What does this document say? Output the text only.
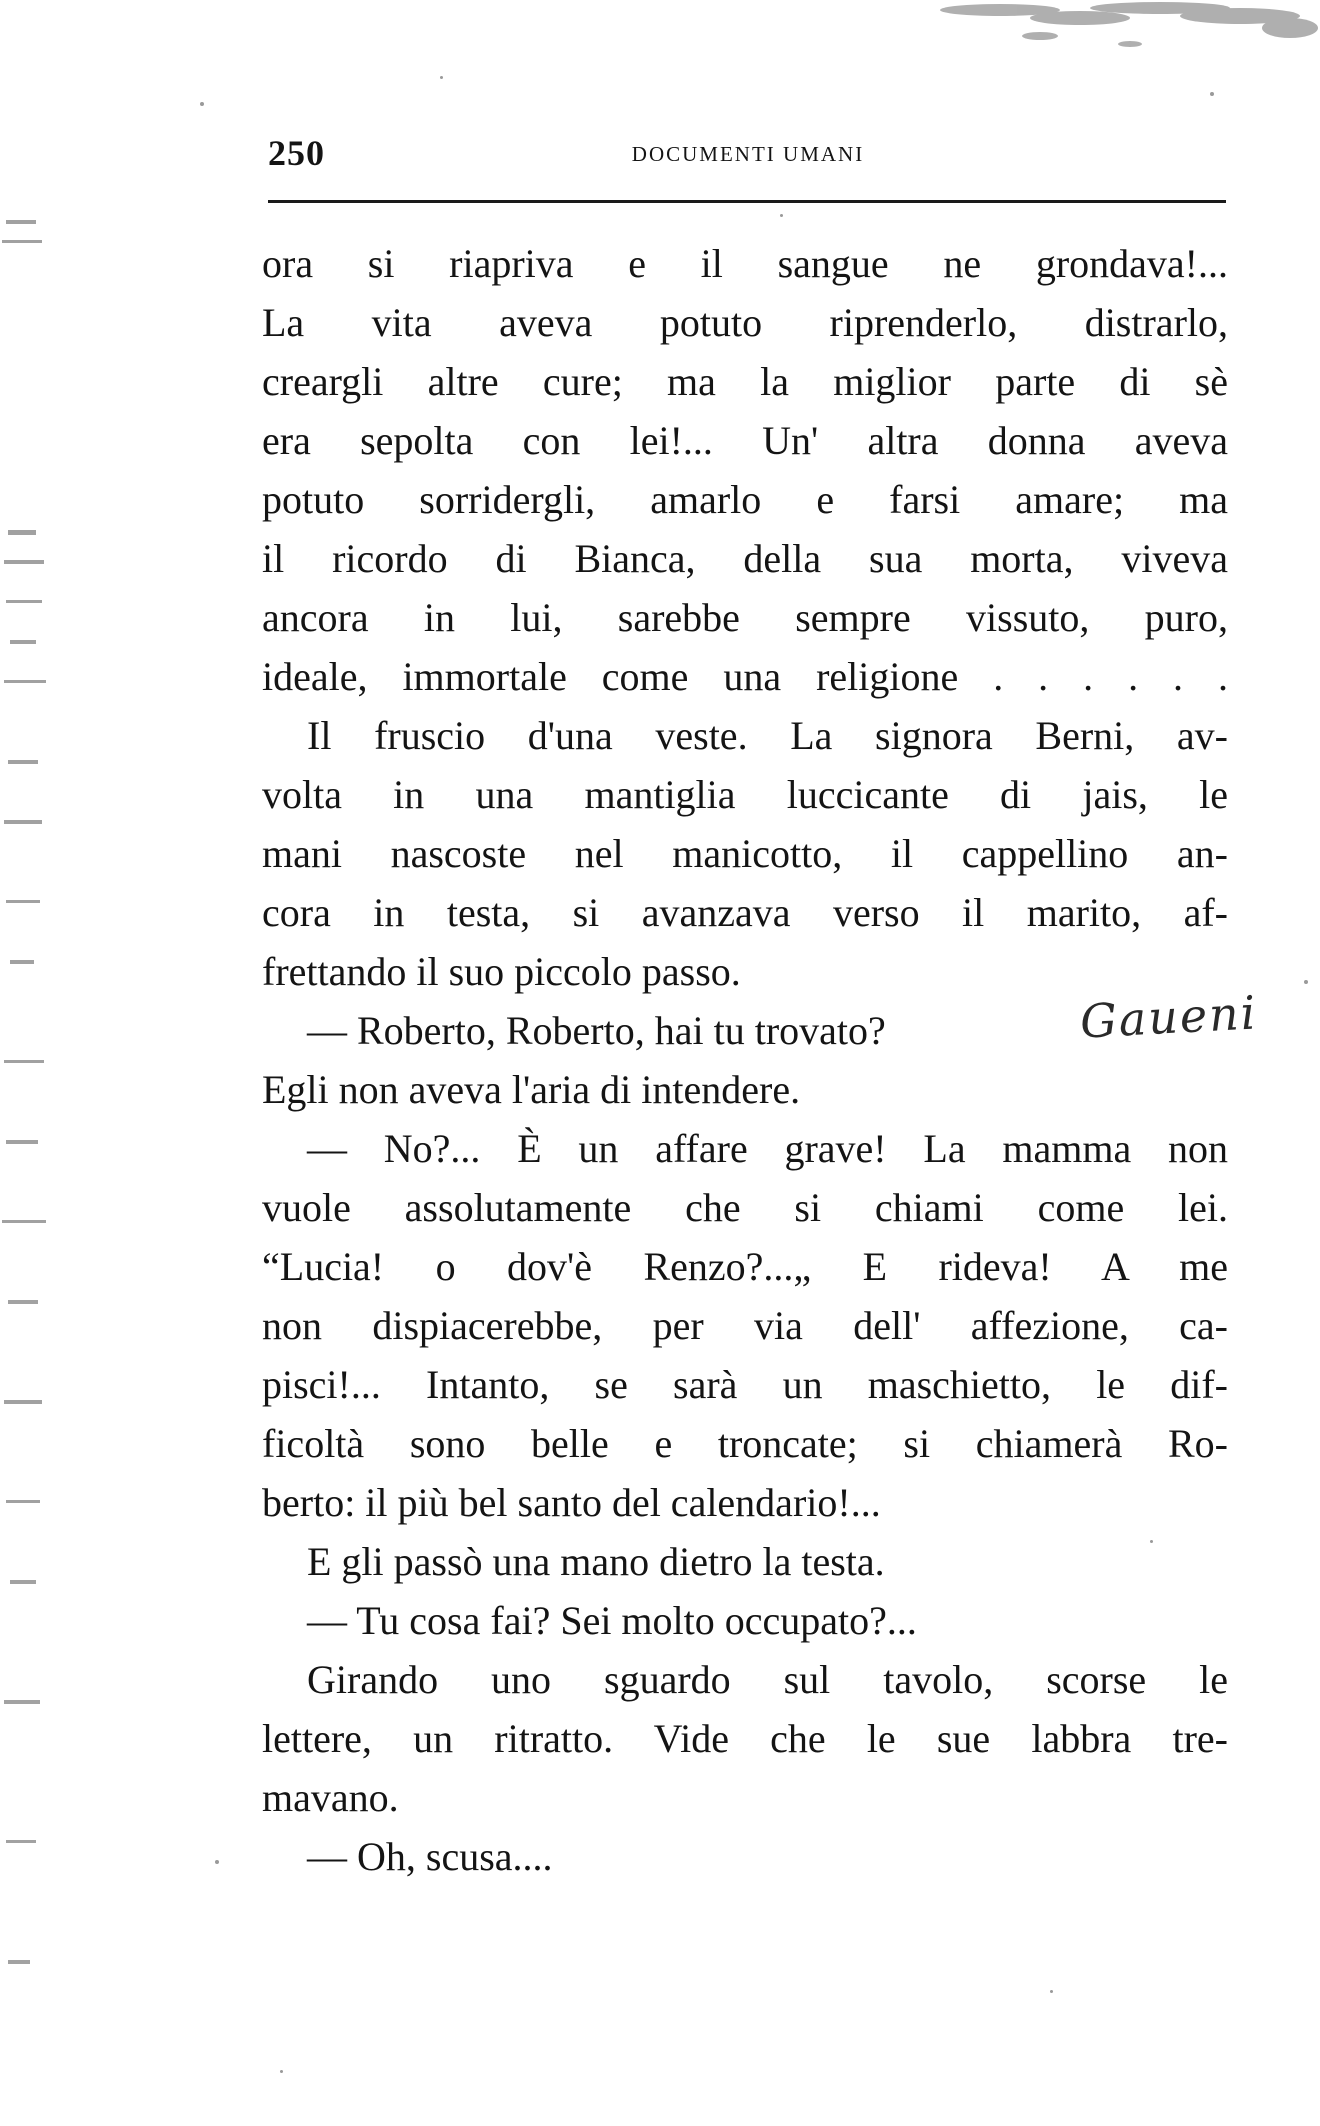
250	DOCUMENTI UMANI
ora si riapriva e il sangue ne grondava!...
La vita aveva potuto riprenderlo, distrarlo,
creargli altre cure; ma la miglior parte di sè
era sepolta con lei!... Un' altra donna aveva
potuto sorridergli, amarlo e farsi amare; ma
il ricordo di Bianca, della sua morta, viveva
ancora in lui, sarebbe sempre vissuto, puro,
ideale, immortale come una religione . . . . . .
Il fruscio d'una veste. La signora Berni, av-
volta in una mantiglia luccicante di jais, le
mani nascoste nel manicotto, il cappellino an-
cora in testa, si avanzava verso il marito, af-
frettando il suo piccolo passo.
— Roberto, Roberto, hai tu trovato?
Egli non aveva l'aria di intendere.
— No?... È un affare grave! La mamma non
vuole assolutamente che si chiami come lei.
“Lucia! o dov'è Renzo?...„ E rideva! A me
non dispiacerebbe, per via dell' affezione, ca-
pisci!... Intanto, se sarà un maschietto, le dif-
ficoltà sono belle e troncate; si chiamerà Ro-
berto: il più bel santo del calendario!...
E gli passò una mano dietro la testa.
— Tu cosa fai? Sei molto occupato?...
Girando uno sguardo sul tavolo, scorse le
lettere, un ritratto. Vide che le sue labbra tre-
mavano.
— Oh, scusa....
Gaueni
